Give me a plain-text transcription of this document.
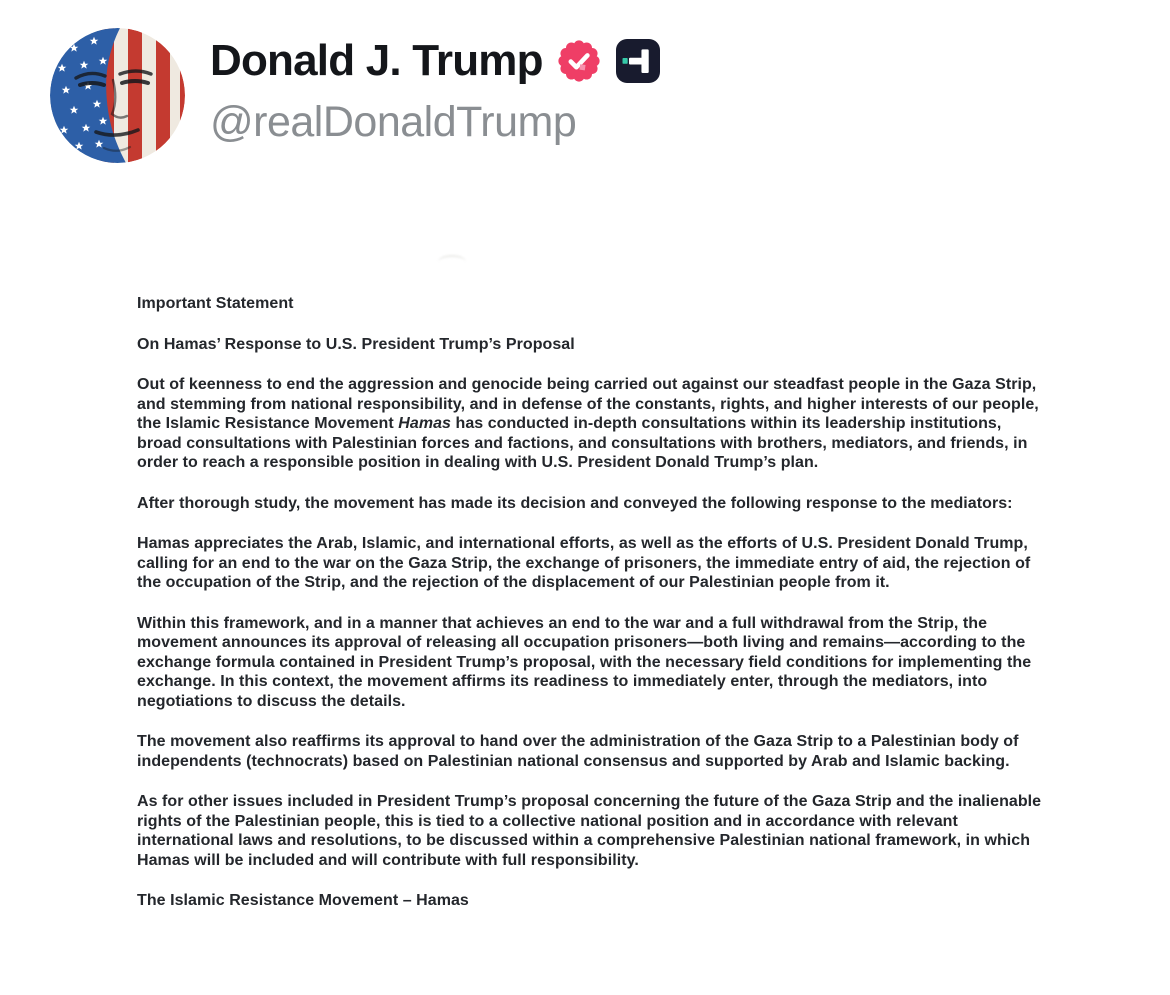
Donald J. Trump
@realDonaldTrump

Important Statement

On Hamas’ Response to U.S. President Trump’s Proposal

Out of keenness to end the aggression and genocide being carried out against our steadfast people in the Gaza Strip, and stemming from national responsibility, and in defense of the constants, rights, and higher interests of our people, the Islamic Resistance Movement Hamas has conducted in-depth consultations within its leadership institutions, broad consultations with Palestinian forces and factions, and consultations with brothers, mediators, and friends, in order to reach a responsible position in dealing with U.S. President Donald Trump’s plan.

After thorough study, the movement has made its decision and conveyed the following response to the mediators:

Hamas appreciates the Arab, Islamic, and international efforts, as well as the efforts of U.S. President Donald Trump, calling for an end to the war on the Gaza Strip, the exchange of prisoners, the immediate entry of aid, the rejection of the occupation of the Strip, and the rejection of the displacement of our Palestinian people from it.

Within this framework, and in a manner that achieves an end to the war and a full withdrawal from the Strip, the movement announces its approval of releasing all occupation prisoners—both living and remains—according to the exchange formula contained in President Trump’s proposal, with the necessary field conditions for implementing the exchange. In this context, the movement affirms its readiness to immediately enter, through the mediators, into negotiations to discuss the details.

The movement also reaffirms its approval to hand over the administration of the Gaza Strip to a Palestinian body of independents (technocrats) based on Palestinian national consensus and supported by Arab and Islamic backing.

As for other issues included in President Trump’s proposal concerning the future of the Gaza Strip and the inalienable rights of the Palestinian people, this is tied to a collective national position and in accordance with relevant international laws and resolutions, to be discussed within a comprehensive Palestinian national framework, in which Hamas will be included and will contribute with full responsibility.

The Islamic Resistance Movement – Hamas
